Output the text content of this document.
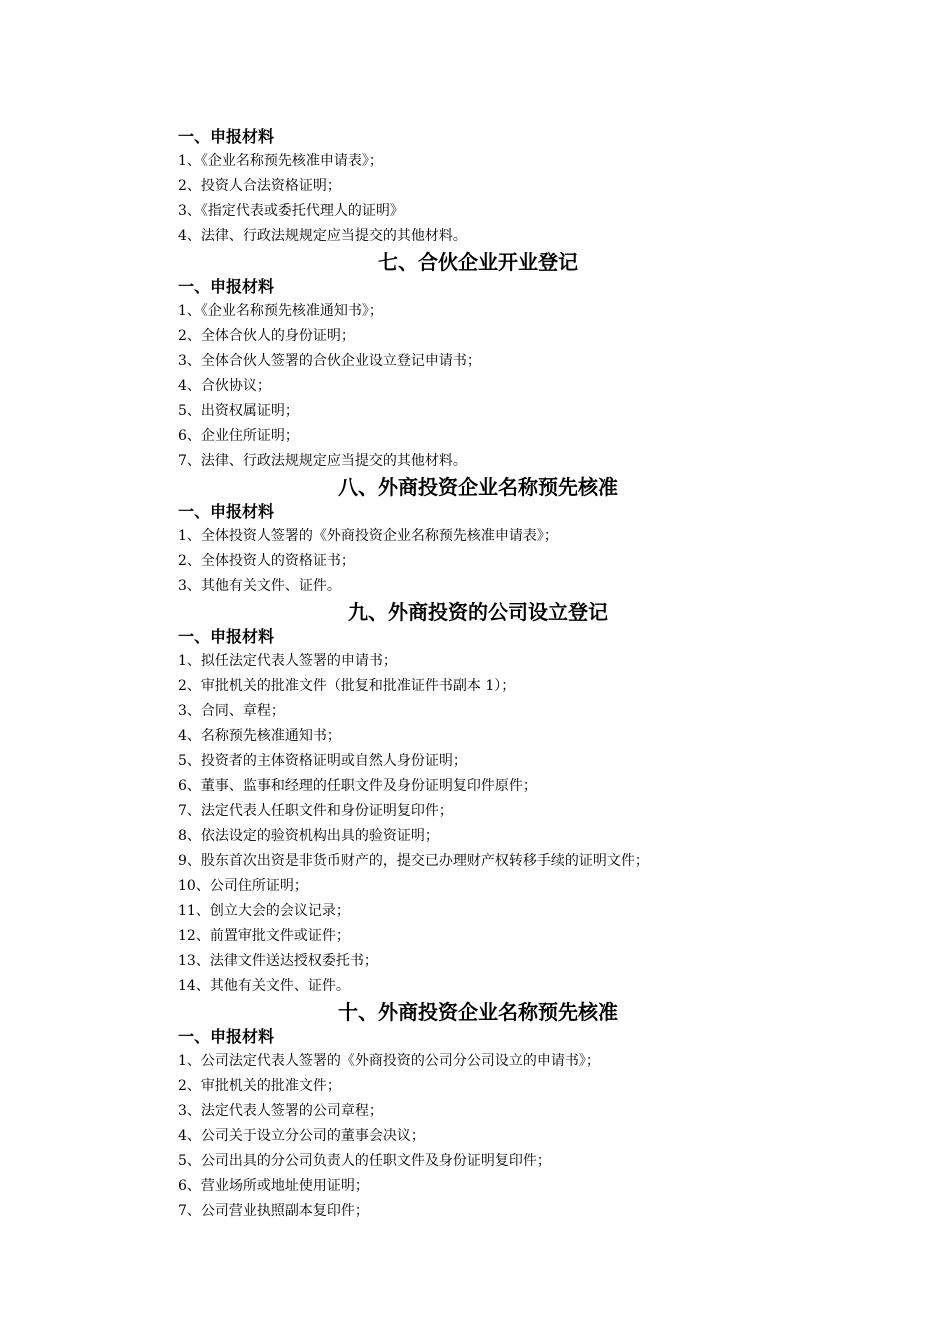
一、申报材料
1、《企业名称预先核准申请表》；
2、投资人合法资格证明；
3、《指定代表或委托代理人的证明》
4、法律、行政法规规定应当提交的其他材料。
七、合伙企业开业登记
一、申报材料
1、《企业名称预先核准通知书》；
2、全体合伙人的身份证明；
3、全体合伙人签署的合伙企业设立登记申请书；
4、合伙协议；
5、出资权属证明；
6、企业住所证明；
7、法律、行政法规规定应当提交的其他材料。
八、外商投资企业名称预先核准
一、申报材料
1、全体投资人签署的《外商投资企业名称预先核准申请表》；
2、全体投资人的资格证书；
3、其他有关文件、证件。
九、外商投资的公司设立登记
一、申报材料
1、拟任法定代表人签署的申请书；
2、审批机关的批准文件（批复和批准证件书副本 1）；
3、合同、章程；
4、名称预先核准通知书；
5、投资者的主体资格证明或自然人身份证明；
6、董事、监事和经理的任职文件及身份证明复印件原件；
7、法定代表人任职文件和身份证明复印件；
8、依法设定的验资机构出具的验资证明；
9、股东首次出资是非货币财产的，提交已办理财产权转移手续的证明文件；
10、公司住所证明；
11、创立大会的会议记录；
12、前置审批文件或证件；
13、法律文件送达授权委托书；
14、其他有关文件、证件。
十、外商投资企业名称预先核准
一、申报材料
1、公司法定代表人签署的《外商投资的公司分公司设立的申请书》；
2、审批机关的批准文件；
3、法定代表人签署的公司章程；
4、公司关于设立分公司的董事会决议；
5、公司出具的分公司负责人的任职文件及身份证明复印件；
6、营业场所或地址使用证明；
7、公司营业执照副本复印件；
